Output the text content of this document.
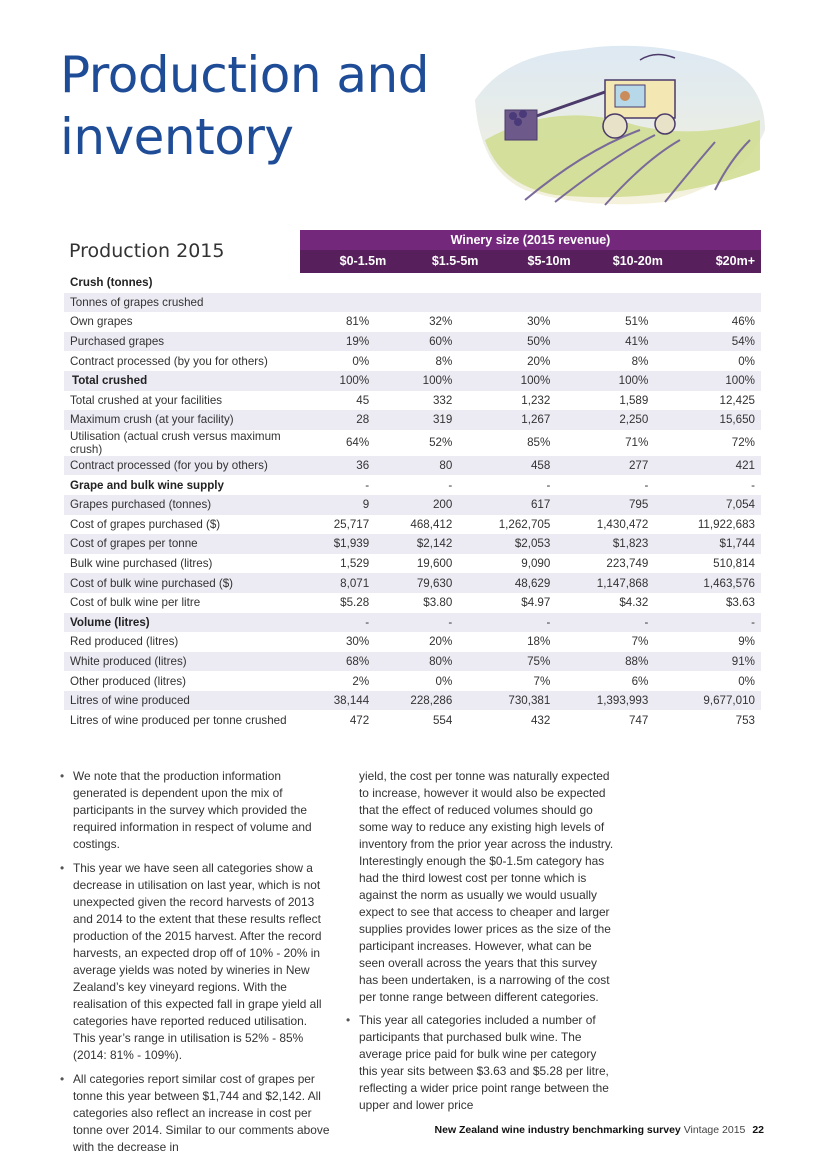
Production and
inventory
Production 2015	Winery size (2015 revenue)
$0-1.5m	$1.5-5m	$5-10m	$10-20m	$20m+
Crush (tonnes)					
Tonnes of grapes crushed					
Own grapes	81%	32%	30%	51%	46%
Purchased grapes	19%	60%	50%	41%	54%
Contract processed (by you for others)	0%	8%	20%	8%	0%
Total crushed	100%	100%	100%	100%	100%
Total crushed at your facilities	45	332	1,232	1,589	12,425
Maximum crush (at your facility)	28	319	1,267	2,250	15,650
Utilisation (actual crush versus maximum crush)	64%	52%	85%	71%	72%
Contract processed (for you by others)	36	80	458	277	421
Grape and bulk wine supply	-	-	-	-	-
Grapes purchased (tonnes)	9	200	617	795	7,054
Cost of grapes purchased ($)	25,717	468,412	1,262,705	1,430,472	11,922,683
Cost of grapes per tonne	$1,939	$2,142	$2,053	$1,823	$1,744
Bulk wine purchased (litres)	1,529	19,600	9,090	223,749	510,814
Cost of bulk wine purchased ($)	8,071	79,630	48,629	1,147,868	1,463,576
Cost of bulk wine per litre	$5.28	$3.80	$4.97	$4.32	$3.63
Volume (litres)	-	-	-	-	-
Red produced (litres)	30%	20%	18%	7%	9%
White produced (litres)	68%	80%	75%	88%	91%
Other produced (litres)	2%	0%	7%	6%	0%
Litres of wine produced	38,144	228,286	730,381	1,393,993	9,677,010
Litres of wine produced per tonne crushed	472	554	432	747	753

• We note that the production information generated is dependent upon the mix of participants in the survey which provided the required information in respect of volume and costings.

• This year we have seen all categories show a decrease in utilisation on last year, which is not unexpected given the record harvests of 2013 and 2014 to the extent that these results reflect production of the 2015 harvest. After the record harvests, an expected drop off of 10% - 20% in average yields was noted by wineries in New Zealand’s key vineyard regions. With the realisation of this expected fall in grape yield all categories have reported reduced utilisation. This year’s range in utilisation is 52% - 85% (2014: 81% - 109%).

• All categories report similar cost of grapes per tonne this year between $1,744 and $2,142. All categories also reflect an increase in cost per tonne over 2014. Similar to our comments above with the decrease in

yield, the cost per tonne was naturally expected to increase, however it would also be expected that the effect of reduced volumes should go some way to reduce any existing high levels of inventory from the prior year across the industry. Interestingly enough the $0-1.5m category has had the third lowest cost per tonne which is against the norm as usually we would usually expect to see that access to cheaper and larger supplies provides lower prices as the size of the participant increases. However, what can be seen overall across the years that this survey has been undertaken, is a narrowing of the cost per tonne range between different categories.

• This year all categories included a number of participants that purchased bulk wine. The average price paid for bulk wine per category this year sits between $3.63 and $5.28 per litre, reflecting a wider price point range between the upper and lower price

New Zealand wine industry benchmarking survey Vintage 2015 22
